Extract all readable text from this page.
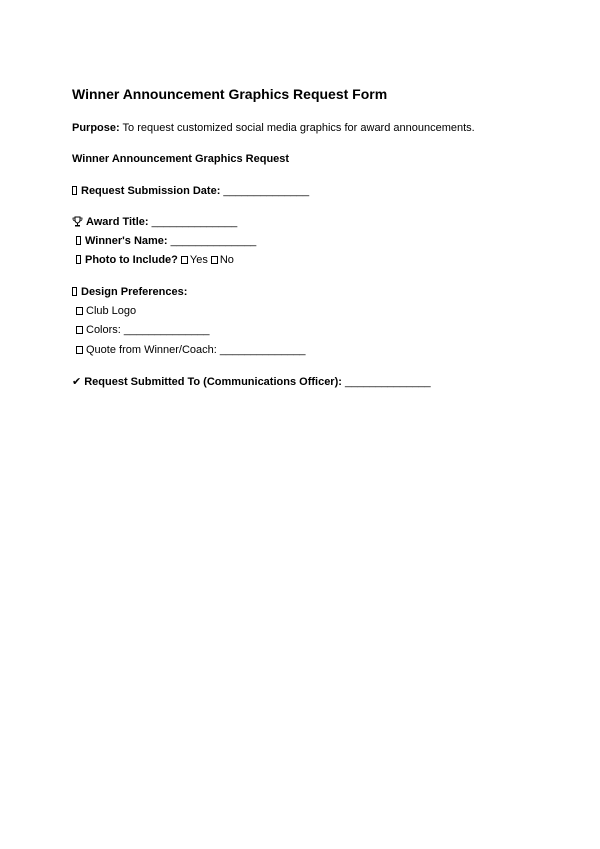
Winner Announcement Graphics Request Form
Purpose: To request customized social media graphics for award announcements.
Winner Announcement Graphics Request
Request Submission Date: ______________
Award Title: ______________
Winner's Name: ______________
Photo to Include? Yes No
Design Preferences:
Club Logo
Colors: ______________
Quote from Winner/Coach: ______________
✔ Request Submitted To (Communications Officer): ______________
